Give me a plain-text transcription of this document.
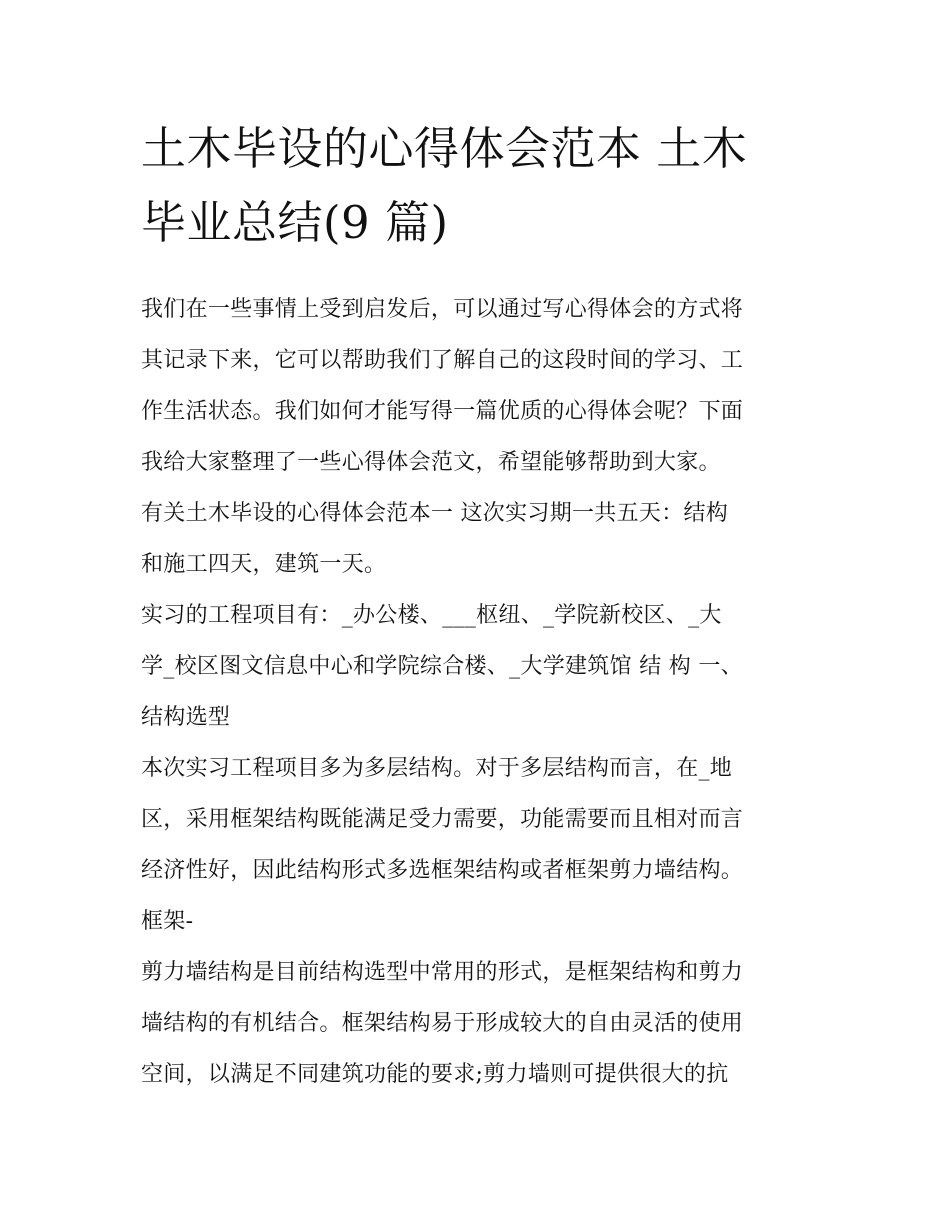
土木毕设的心得体会范本 土木
毕业总结(9 篇)

我们在一些事情上受到启发后，可以通过写心得体会的方式将
其记录下来，它可以帮助我们了解自己的这段时间的学习、工
作生活状态。我们如何才能写得一篇优质的心得体会呢？下面
我给大家整理了一些心得体会范文，希望能够帮助到大家。

有关土木毕设的心得体会范本一 这次实习期一共五天：结构
和施工四天，建筑一天。

实习的工程项目有：_办公楼、___枢纽、_学院新校区、_大
学_校区图文信息中心和学院综合楼、_大学建筑馆 结 构 一、
结构选型

本次实习工程项目多为多层结构。对于多层结构而言，在_地
区，采用框架结构既能满足受力需要，功能需要而且相对而言
经济性好，因此结构形式多选框架结构或者框架剪力墙结构。
框架-

剪力墙结构是目前结构选型中常用的形式，是框架结构和剪力
墙结构的有机结合。框架结构易于形成较大的自由灵活的使用
空间，以满足不同建筑功能的要求;剪力墙则可提供很大的抗
